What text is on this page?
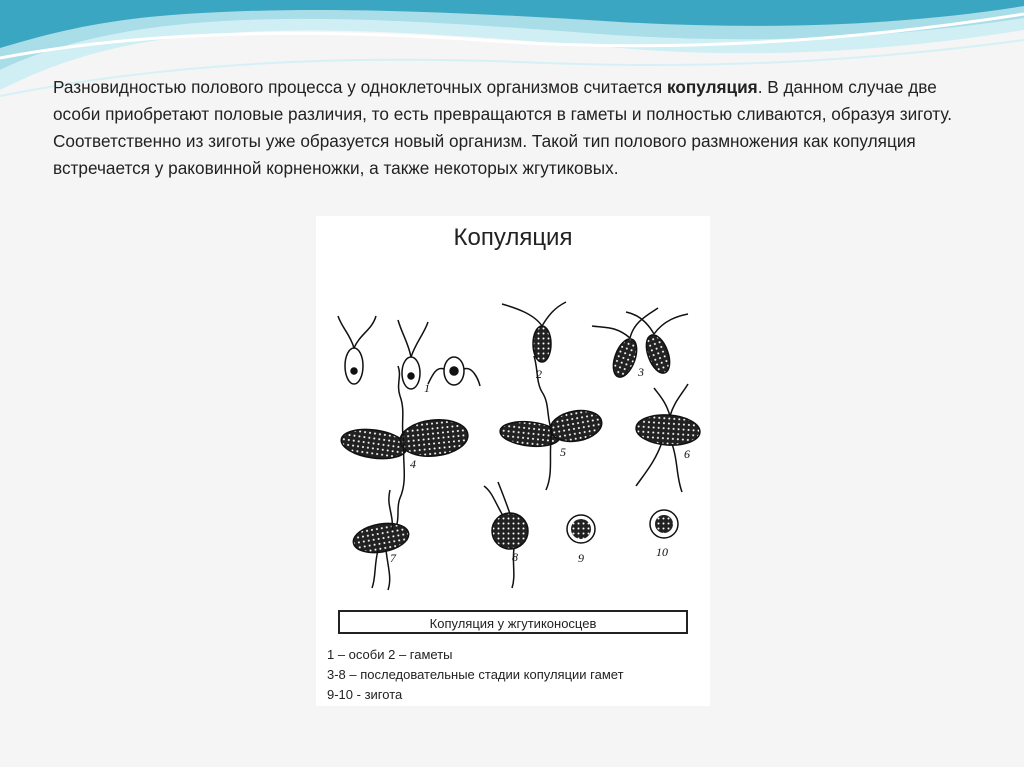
Разновидностью полового процесса у одноклеточных организмов считается копуляция. В данном случае две особи приобретают половые различия, то есть превращаются в гаметы и полностью сливаются, образуя зиготу. Соответственно из зиготы уже образуется новый организм. Такой тип полового размножения как копуляция встречается у раковинной корненожки, а также некоторых жгутиковых.
Копуляция
1
2	3
4
5	6
7	8	9	10
Копуляция у жгутиконосцев
1 – особи 2 – гаметы
3-8 – последовательные стадии копуляции гамет
9-10 - зигота
